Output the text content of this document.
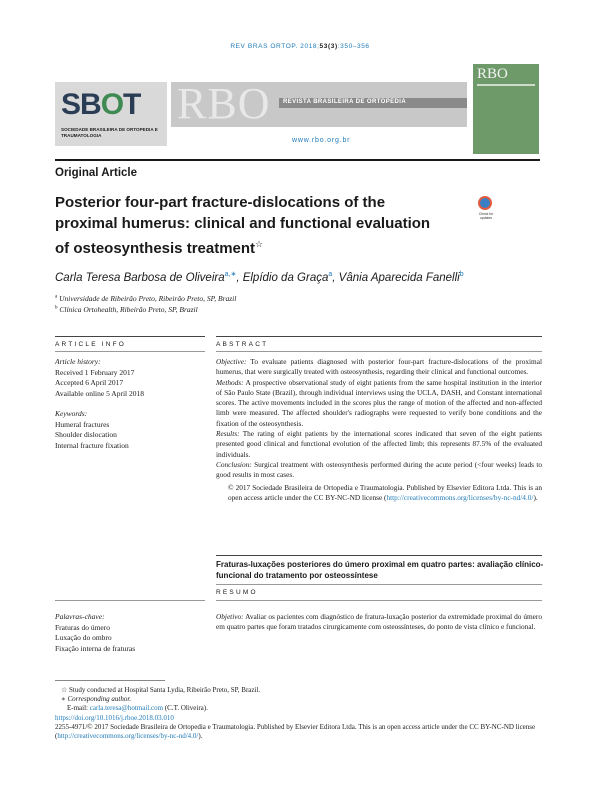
REV BRAS ORTOP. 2018;53(3):350–356
SBOT
SOCIEDADE BRASILEIRA DE ORTOPEDIA E TRAUMATOLOGIA
RBO REVISTA BRASILEIRA DE ORTOPEDIA
www.rbo.org.br
RBO
Original Article
Posterior four-part fracture-dislocations of the proximal humerus: clinical and functional evaluation of osteosynthesis treatment☆
Check for updates
Carla Teresa Barbosa de Oliveira$^{a,∗}$, Elpídio da Graça$^a$, Vânia Aparecida Fanelli$^b$
$^a$ Universidade de Ribeirão Preto, Ribeirão Preto, SP, Brazil
$^b$ Clínica Ortohealth, Ribeirão Preto, SP, Brazil
ARTICLE INFO	ABSTRACT
Article history:
Received 1 February 2017
Accepted 6 April 2017
Available online 5 April 2018
Keywords:
Humeral fractures
Shoulder dislocation
Internal fracture fixation

Objective: To evaluate patients diagnosed with posterior four-part fracture-dislocations of the proximal humerus, that were surgically treated with osteosynthesis, regarding their clinical and functional outcomes.

Methods: A prospective observational study of eight patients from the same hospital institution in the interior of São Paulo State (Brazil), through individual interviews using the UCLA, DASH, and Constant international scores. The active movements included in the scores plus the range of motion of the affected and non-affected limb were measured. The affected shoulder's radiographs were requested to verify bone conditions and the fixation of the osteosynthesis.

Results: The rating of eight patients by the international scores indicated that seven of the eight patients presented good clinical and functional evolution of the affected limb; this represents 87.5% of the evaluated individuals.

Conclusion: Surgical treatment with osteosynthesis performed during the acute period (<four weeks) leads to good results in most cases.

© 2017 Sociedade Brasileira de Ortopedia e Traumatologia. Published by Elsevier Editora Ltda. This is an open access article under the CC BY-NC-ND license (http://creativecommons.org/licenses/by-nc-nd/4.0/).

Fraturas-luxações posteriores do úmero proximal em quatro partes: avaliação clínico-funcional do tratamento por osteossíntese
RESUMO
Palavras-chave:
Fraturas do úmero
Luxação do ombro
Fixação interna de fraturas
Objetivo: Avaliar os pacientes com diagnóstico de fratura-luxação posterior da extremidade proximal do úmero em quatro partes que foram tratados cirurgicamente com osteossínteses, do ponto de vista clínico e funcional.

☆ Study conducted at Hospital Santa Lydia, Ribeirão Preto, SP, Brazil.

∗ Corresponding author.

E-mail: carla.teresa@hotmail.com (C.T. Oliveira).

https://doi.org/10.1016/j.rboe.2018.03.010

2255-4971/© 2017 Sociedade Brasileira de Ortopedia e Traumatologia. Published by Elsevier Editora Ltda. This is an open access article under the CC BY-NC-ND license (http://creativecommons.org/licenses/by-nc-nd/4.0/).
